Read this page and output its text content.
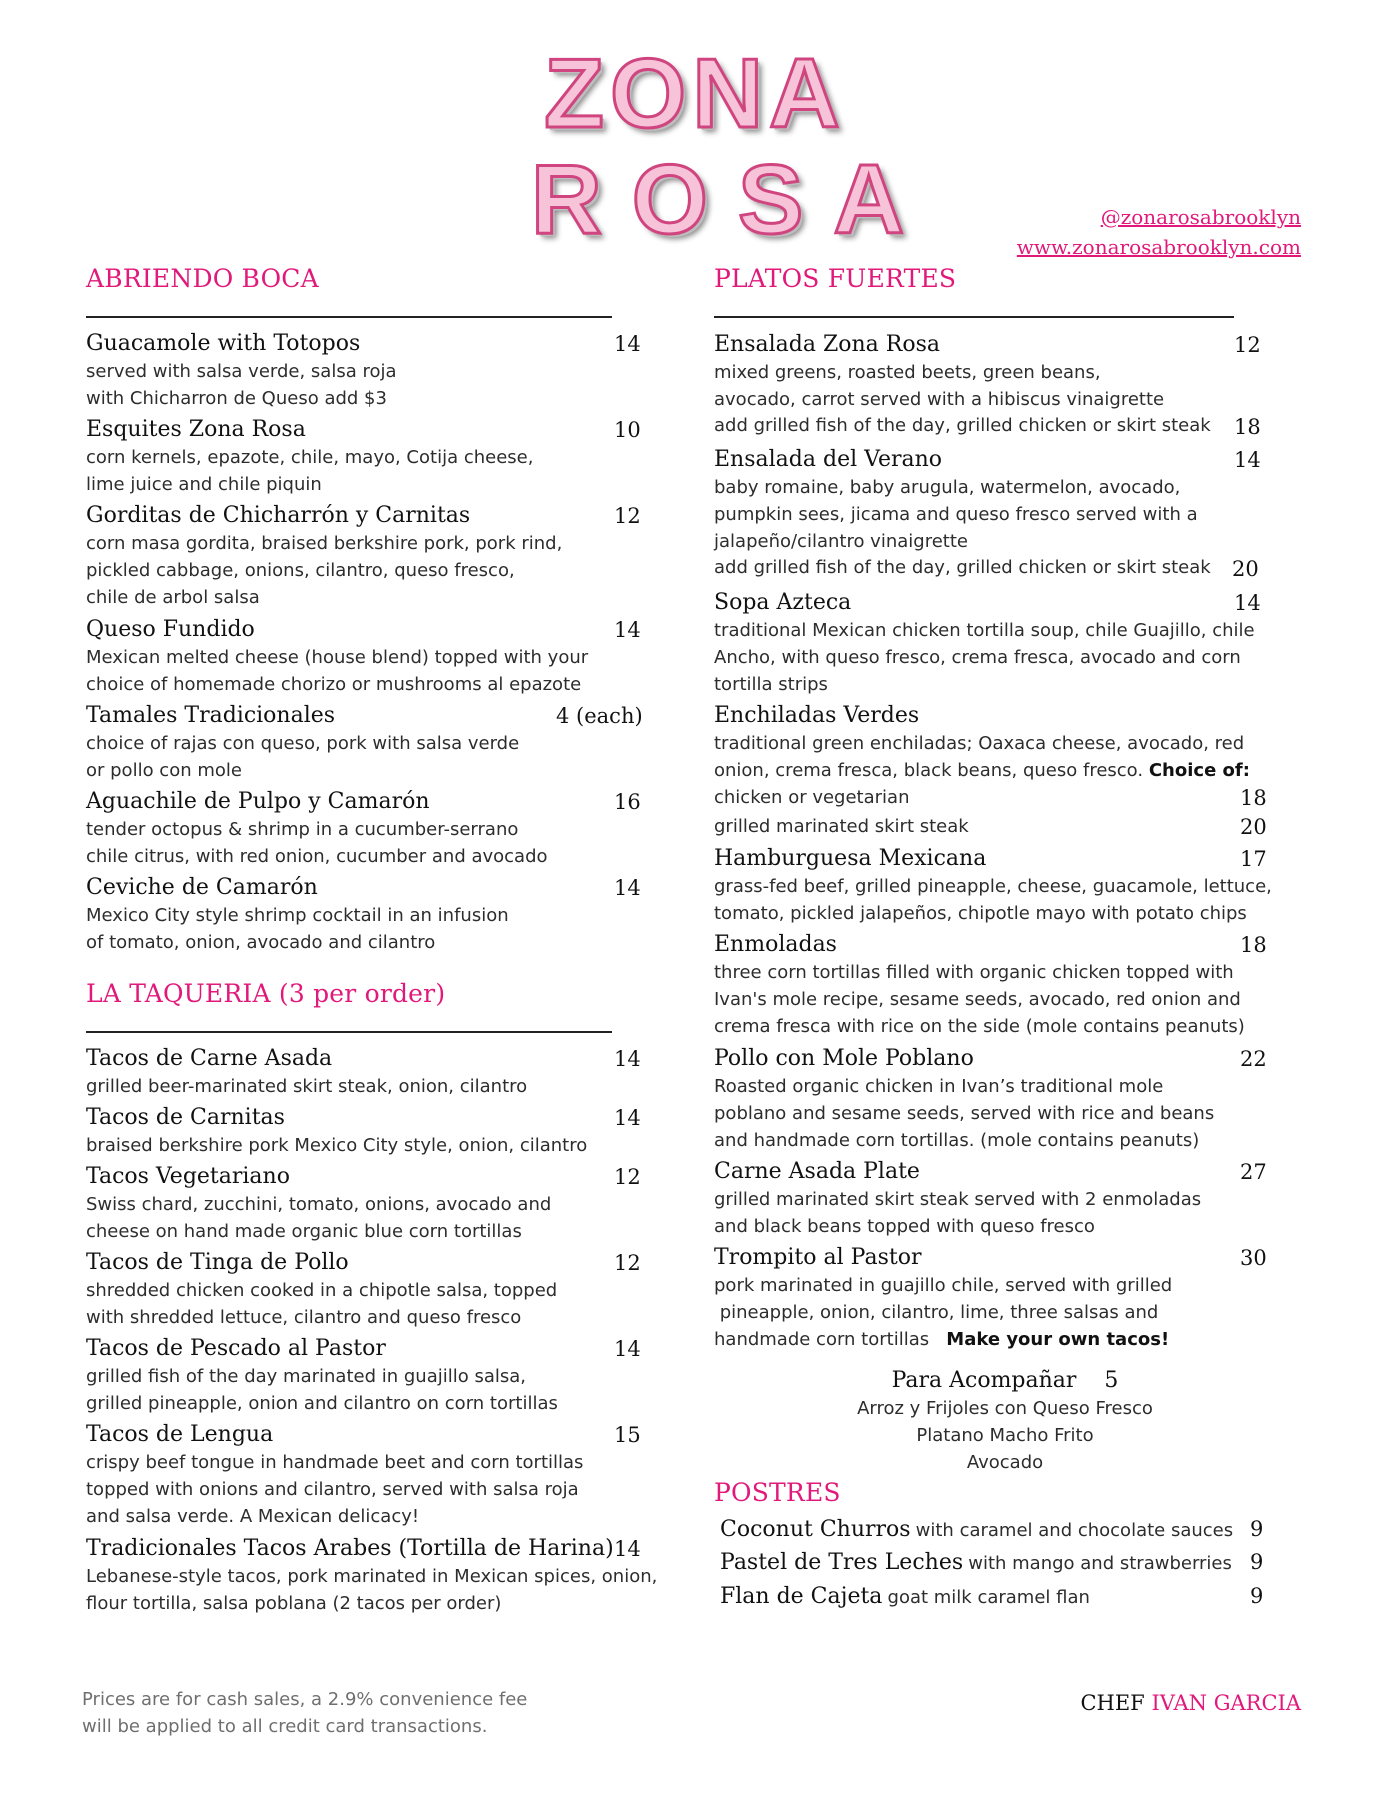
ZONA
ROSA	@zonarosabrooklyn
www.zonarosabrooklyn.com
ABRIENDO BOCA
Guacamole with Totopos
served with salsa verde, salsa roja
with Chicharron de Queso add $3
14
Esquites Zona Rosa
corn kernels, epazote, chile, mayo, Cotija cheese,
lime juice and chile piquin
10
Gorditas de Chicharrón y Carnitas
corn masa gordita, braised berkshire pork, pork rind,
pickled cabbage, onions, cilantro, queso fresco,
chile de arbol salsa
12
Queso Fundido
Mexican melted cheese (house blend) topped with your
choice of homemade chorizo or mushrooms al epazote
14
Tamales Tradicionales
choice of rajas con queso, pork with salsa verde
or pollo con mole
4 (each)
Aguachile de Pulpo y Camarón
tender octopus & shrimp in a cucumber-serrano
chile citrus, with red onion, cucumber and avocado
16
Ceviche de Camarón
Mexico City style shrimp cocktail in an infusion
of tomato, onion, avocado and cilantro
14
LA TAQUERIA (3 per order)
Tacos de Carne Asada
grilled beer-marinated skirt steak, onion, cilantro
14
Tacos de Carnitas
braised berkshire pork Mexico City style, onion, cilantro
14
Tacos Vegetariano
Swiss chard, zucchini, tomato, onions, avocado and
cheese on hand made organic blue corn tortillas
12
Tacos de Tinga de Pollo
shredded chicken cooked in a chipotle salsa, topped
with shredded lettuce, cilantro and queso fresco
12
Tacos de Pescado al Pastor
grilled fish of the day marinated in guajillo salsa,
grilled pineapple, onion and cilantro on corn tortillas
14
Tacos de Lengua
crispy beef tongue in handmade beet and corn tortillas
topped with onions and cilantro, served with salsa roja
and salsa verde. A Mexican delicacy!
15
Tradicionales Tacos Arabes (Tortilla de Harina)
Lebanese-style tacos, pork marinated in Mexican spices, onion,
flour tortilla, salsa poblana (2 tacos per order)
14
PLATOS FUERTES
Ensalada Zona Rosa
mixed greens, roasted beets, green beans,
avocado, carrot served with a hibiscus vinaigrette
12
add grilled fish of the day, grilled chicken or skirt steak 18
Ensalada del Verano
baby romaine, baby arugula, watermelon, avocado,
pumpkin sees, jicama and queso fresco served with a
jalapeño/cilantro vinaigrette
14
add grilled fish of the day, grilled chicken or skirt steak 20
Sopa Azteca
traditional Mexican chicken tortilla soup, chile Guajillo, chile
Ancho, with queso fresco, crema fresca, avocado and corn
tortilla strips
14
Enchiladas Verdes
traditional green enchiladas; Oaxaca cheese, avocado, red
onion, crema fresca, black beans, queso fresco. Choice of:
chicken or vegetarian	18
grilled marinated skirt steak	20
Hamburguesa Mexicana
grass-fed beef, grilled pineapple, cheese, guacamole, lettuce,
tomato, pickled jalapeños, chipotle mayo with potato chips
17
Enmoladas
three corn tortillas filled with organic chicken topped with
Ivan's mole recipe, sesame seeds, avocado, red onion and
crema fresca with rice on the side (mole contains peanuts)
18
Pollo con Mole Poblano
Roasted organic chicken in Ivan’s traditional mole
poblano and sesame seeds, served with rice and beans
and handmade corn tortillas. (mole contains peanuts)
22
Carne Asada Plate
grilled marinated skirt steak served with 2 enmoladas
and black beans topped with queso fresco
27
Trompito al Pastor
pork marinated in guajillo chile, served with grilled
pineapple, onion, cilantro, lime, three salsas and
handmade corn tortillas Make your own tacos!
30
Para Acompañar 5
Arroz y Frijoles con Queso Fresco
Platano Macho Frito
Avocado
POSTRES
Coconut Churros with caramel and chocolate sauces 9
Pastel de Tres Leches with mango and strawberries 9
Flan de Cajeta goat milk caramel flan	9
Prices are for cash sales, a 2.9% convenience fee
will be applied to all credit card transactions.
CHEF IVAN GARCIA
